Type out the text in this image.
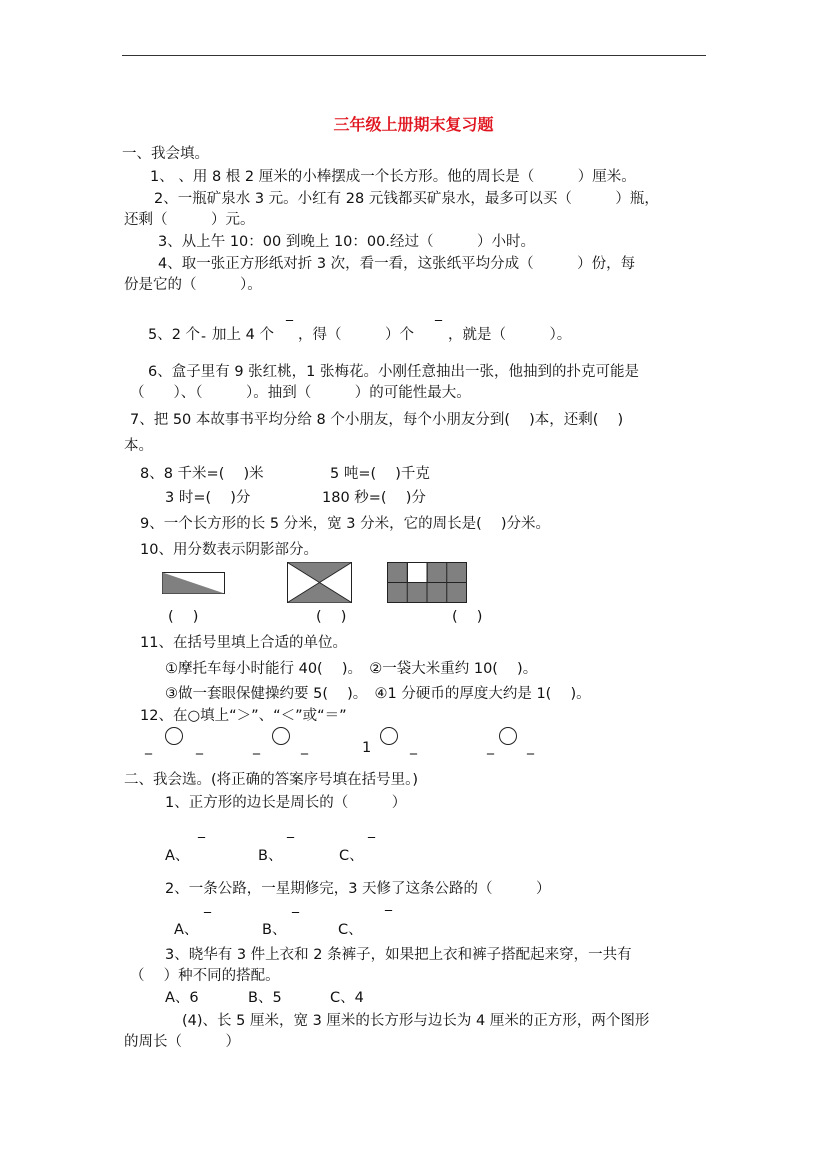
三年级上册期末复习题
一、我会填。
1、 、用 8 根 2 厘米的小棒摆成一个长方形。他的周长是（　　　）厘米。
2、一瓶矿泉水 3 元。小红有 28 元钱都买矿泉水，最多可以买（　　　）瓶，
还剩（　　　）元。
3、从上午 10：00 到晚上 10：00.经过（　　　）小时。
4、取一张正方形纸对折 3 次，看一看，这张纸平均分成（　　　）份，每
份是它的（　　　）。
5、2 个 - 加上 4 个 ‾ ，得（　　　）个 ‾ ，就是（　　　）。
6、盒子里有 9 张红桃，1 张梅花。小刚任意抽出一张，他抽到的扑克可能是
（　　）、（　　　）。抽到（　　　）的可能性最大。
7、把 50 本故事书平均分给 8 个小朋友，每个小朋友分到(　 )本，还剩(　 )
本。
8、8 千米=(　 )米	5 吨=(　 )千克
3 时=(　 )分	180 秒=(　 )分
9、一个长方形的长 5 分米，宽 3 分米，它的周长是(　 )分米。
10、用分数表示阴影部分。
(　 )	(　 )	(　 )
11、在括号里填上合适的单位。
①摩托车每小时能行 40(　 )。　②一袋大米重约 10(　 )。
③做一套眼保健操约要 5(　 )。　④1 分硬币的厚度大约是 1(　 )。
12、在○填上“＞”、“＜”或“＝”
_	_	_	_	1	_	_ _
二、我会选。(将正确的答案序号填在括号里。)
1、正方形的边长是周长的（　　　）
A、
‾
B、
‾
C、
‾
2、一条公路，一星期修完，3 天修了这条公路的（　　　）
A、
‾
B、
‾
C、
‾
3、晓华有 3 件上衣和 2 条裤子，如果把上衣和裤子搭配起来穿，一共有
（　 ）种不同的搭配。
A、6	B、5	C、4
(4)、长 5 厘米，宽 3 厘米的长方形与边长为 4 厘米的正方形，两个图形
的周长（　　　）
